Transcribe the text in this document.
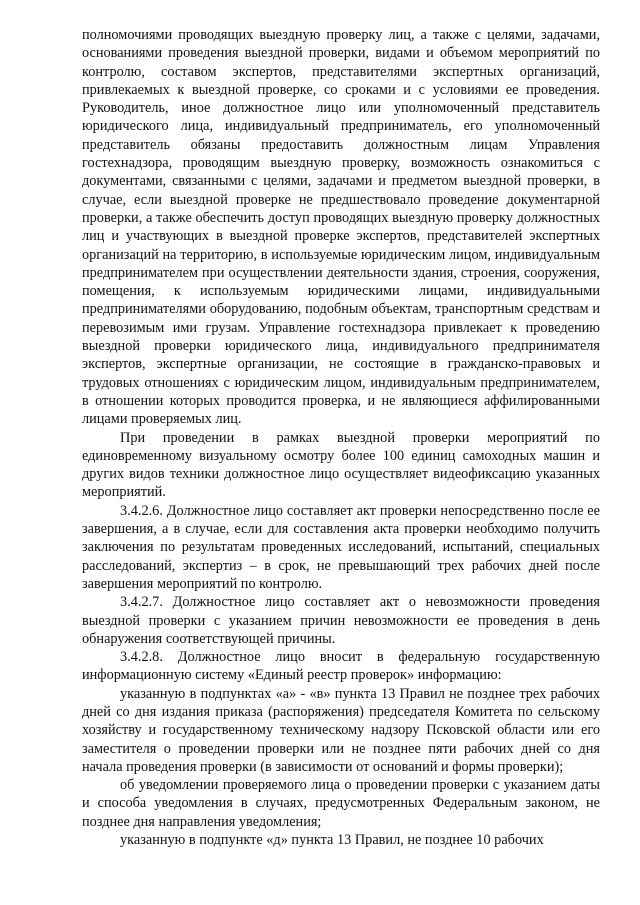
полномочиями проводящих выездную проверку лиц, а также с целями, задачами, основаниями проведения выездной проверки, видами и объемом мероприятий по контролю, составом экспертов, представителями экспертных организаций, привлекаемых к выездной проверке, со сроками и с условиями ее проведения. Руководитель, иное должностное лицо или уполномоченный представитель юридического лица, индивидуальный предприниматель, его уполномоченный представитель обязаны предоставить должностным лицам Управления гостехнадзора, проводящим выездную проверку, возможность ознакомиться с документами, связанными с целями, задачами и предметом выездной проверки, в случае, если выездной проверке не предшествовало проведение документарной проверки, а также обеспечить доступ проводящих выездную проверку должностных лиц и участвующих в выездной проверке экспертов, представителей экспертных организаций на территорию, в используемые юридическим лицом, индивидуальным предпринимателем при осуществлении деятельности здания, строения, сооружения, помещения, к используемым юридическими лицами, индивидуальными предпринимателями оборудованию, подобным объектам, транспортным средствам и перевозимым ими грузам. Управление гостехнадзора привлекает к проведению выездной проверки юридического лица, индивидуального предпринимателя экспертов, экспертные организации, не состоящие в гражданско-правовых и трудовых отношениях с юридическим лицом, индивидуальным предпринимателем, в отношении которых проводится проверка, и не являющиеся аффилированными лицами проверяемых лиц.

При проведении в рамках выездной проверки мероприятий по единовременному визуальному осмотру более 100 единиц самоходных машин и других видов техники должностное лицо осуществляет видеофиксацию указанных мероприятий.

3.4.2.6. Должностное лицо составляет акт проверки непосредственно после ее завершения, а в случае, если для составления акта проверки необходимо получить заключения по результатам проведенных исследований, испытаний, специальных расследований, экспертиз – в срок, не превышающий трех рабочих дней после завершения мероприятий по контролю.

3.4.2.7. Должностное лицо составляет акт о невозможности проведения выездной проверки с указанием причин невозможности ее проведения в день обнаружения соответствующей причины.

3.4.2.8. Должностное лицо вносит в федеральную государственную информационную систему «Единый реестр проверок» информацию:

указанную в подпунктах «а» - «в» пункта 13 Правил не позднее трех рабочих дней со дня издания приказа (распоряжения) председателя Комитета по сельскому хозяйству и государственному техническому надзору Псковской области или его заместителя о проведении проверки или не позднее пяти рабочих дней со дня начала проведения проверки (в зависимости от оснований и формы проверки);

об уведомлении проверяемого лица о проведении проверки с указанием даты и способа уведомления в случаях, предусмотренных Федеральным законом, не позднее дня направления уведомления;

указанную в подпункте «д» пункта 13 Правил, не позднее 10 рабочих
